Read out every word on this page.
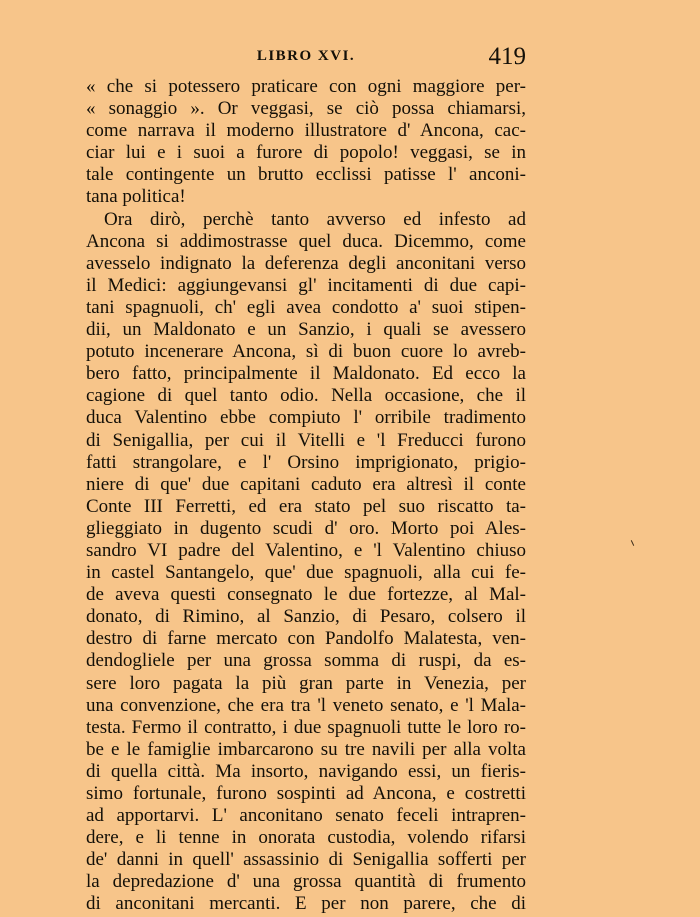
LIBRO XVI.	419
« che si potessero praticare con ogni maggiore per-
« sonaggio ». Or veggasi, se ciò possa chiamarsi,
come narrava il moderno illustratore d' Ancona, cac-
ciar lui e i suoi a furore di popolo! veggasi, se in
tale contingente un brutto ecclissi patisse l' anconi-
tana politica!
Ora dirò, perchè tanto avverso ed infesto ad
Ancona si addimostrasse quel duca. Dicemmo, come
avesselo indignato la deferenza degli anconitani verso
il Medici: aggiungevansi gl' incitamenti di due capi-
tani spagnuoli, ch' egli avea condotto a' suoi stipen-
dii, un Maldonato e un Sanzio, i quali se avessero
potuto incenerare Ancona, sì di buon cuore lo avreb-
bero fatto, principalmente il Maldonato. Ed ecco la
cagione di quel tanto odio. Nella occasione, che il
duca Valentino ebbe compiuto l' orribile tradimento
di Senigallia, per cui il Vitelli e 'l Freducci furono
fatti strangolare, e l' Orsino imprigionato, prigio-
niere di que' due capitani caduto era altresì il conte
Conte III Ferretti, ed era stato pel suo riscatto ta-
glieggiato in dugento scudi d' oro. Morto poi Ales-
sandro VI padre del Valentino, e 'l Valentino chiuso
in castel Santangelo, que' due spagnuoli, alla cui fe-
de aveva questi consegnato le due fortezze, al Mal-
donato, di Rimino, al Sanzio, di Pesaro, colsero il
destro di farne mercato con Pandolfo Malatesta, ven-
dendogliele per una grossa somma di ruspi, da es-
sere loro pagata la più gran parte in Venezia, per
una convenzione, che era tra 'l veneto senato, e 'l Mala-
testa. Fermo il contratto, i due spagnuoli tutte le loro ro-
be e le famiglie imbarcarono su tre navili per alla volta
di quella città. Ma insorto, navigando essi, un fieris-
simo fortunale, furono sospinti ad Ancona, e costretti
ad apportarvi. L' anconitano senato feceli intrapren-
dere, e li tenne in onorata custodia, volendo rifarsi
de' danni in quell' assassinio di Senigallia sofferti per
la depredazione d' una grossa quantità di frumento
di anconitani mercanti. E per non parere, che di
